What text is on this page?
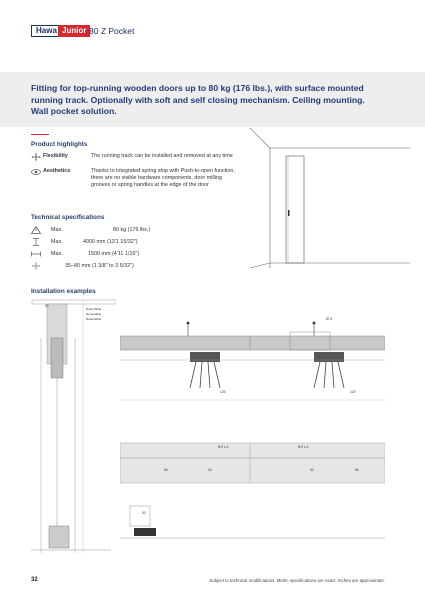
Hawa Junior 80 Z Pocket
Fitting for top-running wooden doors up to 80 kg (176 lbs.), with surface mounted running track. Optionally with soft and self closing mechanism. Ceiling mounting. Wall pocket solution.
Product highlights
Flexibility	The running track can be installed and removed at any time
Aesthetics	Thanks to integrated spring stop with Push-to-open function, there are no visible hardware components, door milling grooves or spring handles at the edge of the door
Technical specifications
Max.	80 kg (176 lbs.)
Max.	4000 mm (13'1 15/32")
Max.	1500 mm (4'11 1/16")
35–80 mm (1 3/8" to 3 5/32")
Installation examples
60
Detachable
Removable
Detachable
120
Ø 0 x 3
66	40
30
87.5
120
Ø 0 x 3
40	66
32	Subject to technical modifications. Metric specifications are exact. Inches are approximate.
